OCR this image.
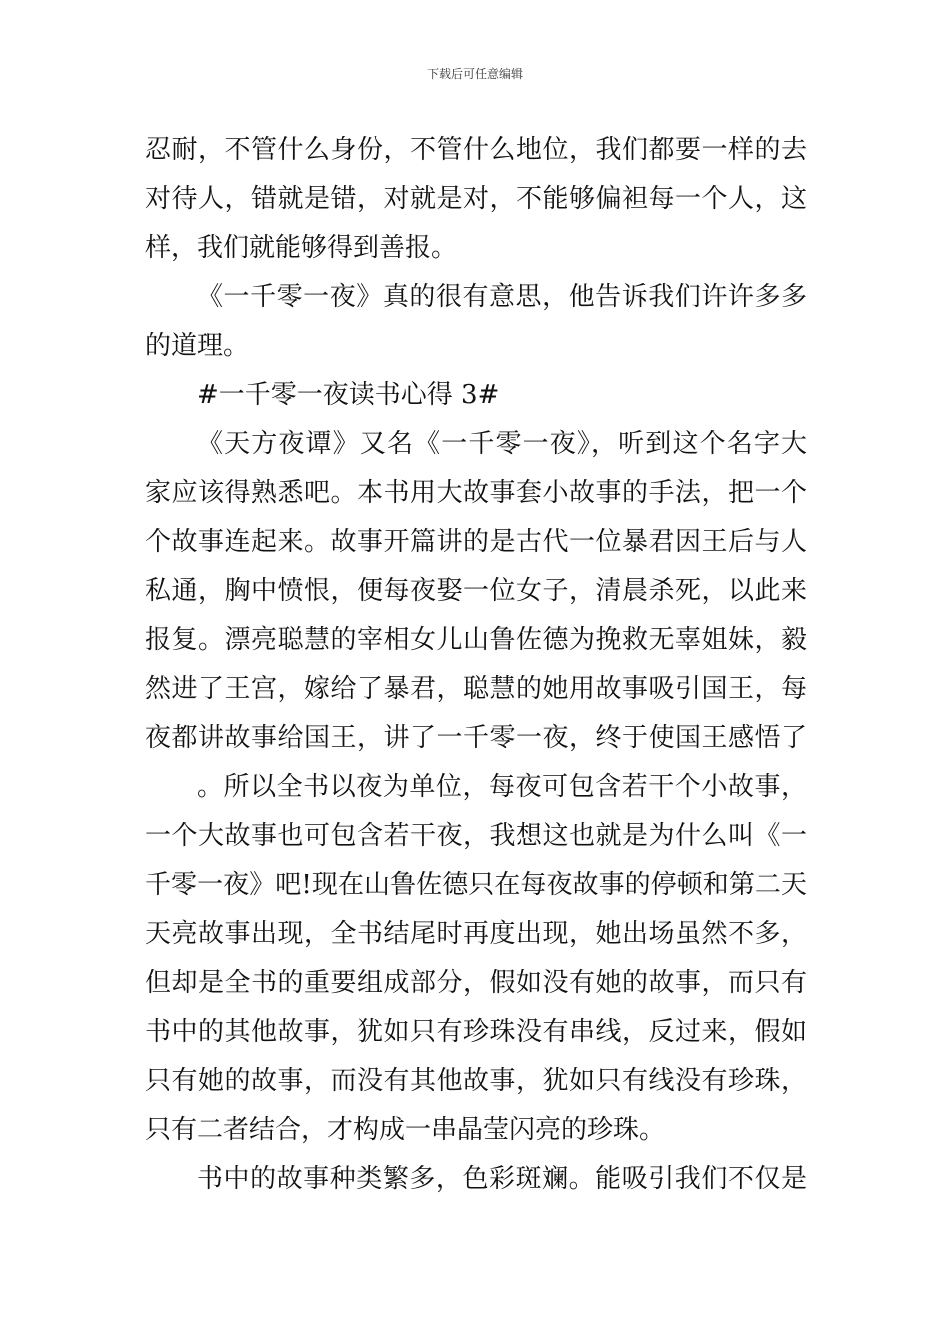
下载后可任意编辑
忍耐，不管什么身份，不管什么地位，我们都要一样的去
对待人，错就是错，对就是对，不能够偏袒每一个人，这
样，我们就能够得到善报。
《一千零一夜》真的很有意思，他告诉我们许许多多
的道理。
#一千零一夜读书心得 3#
《天方夜谭》又名《一千零一夜》，听到这个名字大
家应该得熟悉吧。本书用大故事套小故事的手法，把一个
个故事连起来。故事开篇讲的是古代一位暴君因王后与人
私通，胸中愤恨，便每夜娶一位女子，清晨杀死，以此来
报复。漂亮聪慧的宰相女儿山鲁佐德为挽救无辜姐妹，毅
然进了王宫，嫁给了暴君，聪慧的她用故事吸引国王，每
夜都讲故事给国王，讲了一千零一夜，终于使国王感悟了
。所以全书以夜为单位，每夜可包含若干个小故事，
一个大故事也可包含若干夜，我想这也就是为什么叫《一
千零一夜》吧!现在山鲁佐德只在每夜故事的停顿和第二天
天亮故事出现，全书结尾时再度出现，她出场虽然不多，
但却是全书的重要组成部分，假如没有她的故事，而只有
书中的其他故事，犹如只有珍珠没有串线，反过来，假如
只有她的故事，而没有其他故事，犹如只有线没有珍珠，
只有二者结合，才构成一串晶莹闪亮的珍珠。
书中的故事种类繁多，色彩斑斓。能吸引我们不仅是
